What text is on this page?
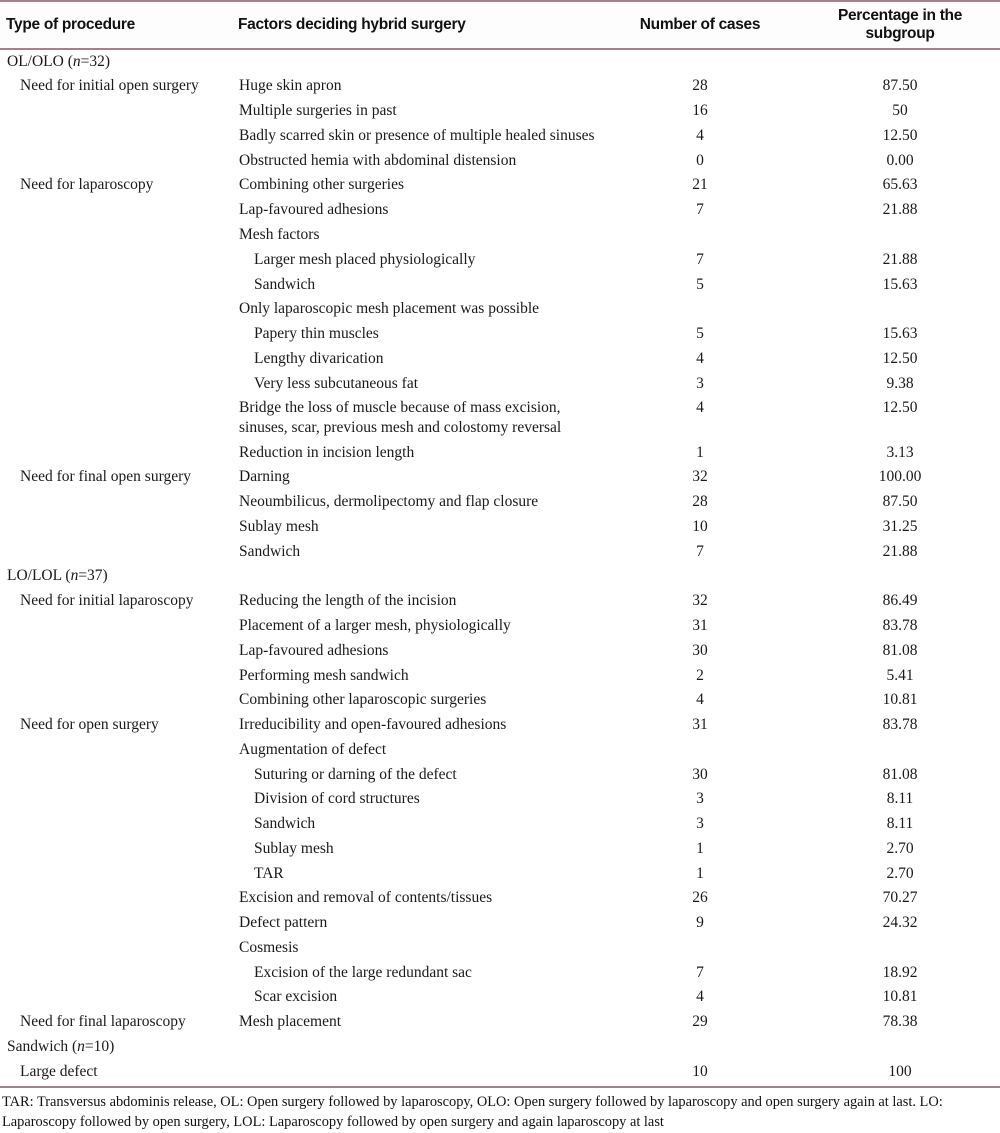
Type of procedure	Factors deciding hybrid surgery	Number of cases	Percentage in the subgroup
OL/OLO (n=32)			
Need for initial open surgery	Huge skin apron	28	87.50
	Multiple surgeries in past	16	50
	Badly scarred skin or presence of multiple healed sinuses	4	12.50
	Obstructed hemia with abdominal distension	0	0.00
Need for laparoscopy	Combining other surgeries	21	65.63
	Lap-favoured adhesions	7	21.88
	Mesh factors		
	Larger mesh placed physiologically	7	21.88
	Sandwich	5	15.63
	Only laparoscopic mesh placement was possible		
	Papery thin muscles	5	15.63
	Lengthy divarication	4	12.50
	Very less subcutaneous fat	3	9.38
	Bridge the loss of muscle because of mass excision, sinuses, scar, previous mesh and colostomy reversal	4	12.50
	Reduction in incision length	1	3.13
Need for final open surgery	Darning	32	100.00
	Neoumbilicus, dermolipectomy and flap closure	28	87.50
	Sublay mesh	10	31.25
	Sandwich	7	21.88
LO/LOL (n=37)			
Need for initial laparoscopy	Reducing the length of the incision	32	86.49
	Placement of a larger mesh, physiologically	31	83.78
	Lap-favoured adhesions	30	81.08
	Performing mesh sandwich	2	5.41
	Combining other laparoscopic surgeries	4	10.81
Need for open surgery	Irreducibility and open-favoured adhesions	31	83.78
	Augmentation of defect		
	Suturing or darning of the defect	30	81.08
	Division of cord structures	3	8.11
	Sandwich	3	8.11
	Sublay mesh	1	2.70
	TAR	1	2.70
	Excision and removal of contents/tissues	26	70.27
	Defect pattern	9	24.32
	Cosmesis		
	Excision of the large redundant sac	7	18.92
	Scar excision	4	10.81
Need for final laparoscopy	Mesh placement	29	78.38
Sandwich (n=10)			
Large defect		10	100
TAR: Transversus abdominis release, OL: Open surgery followed by laparoscopy, OLO: Open surgery followed by laparoscopy and open surgery again at last. LO: Laparoscopy followed by open surgery, LOL: Laparoscopy followed by open surgery and again laparoscopy at last
